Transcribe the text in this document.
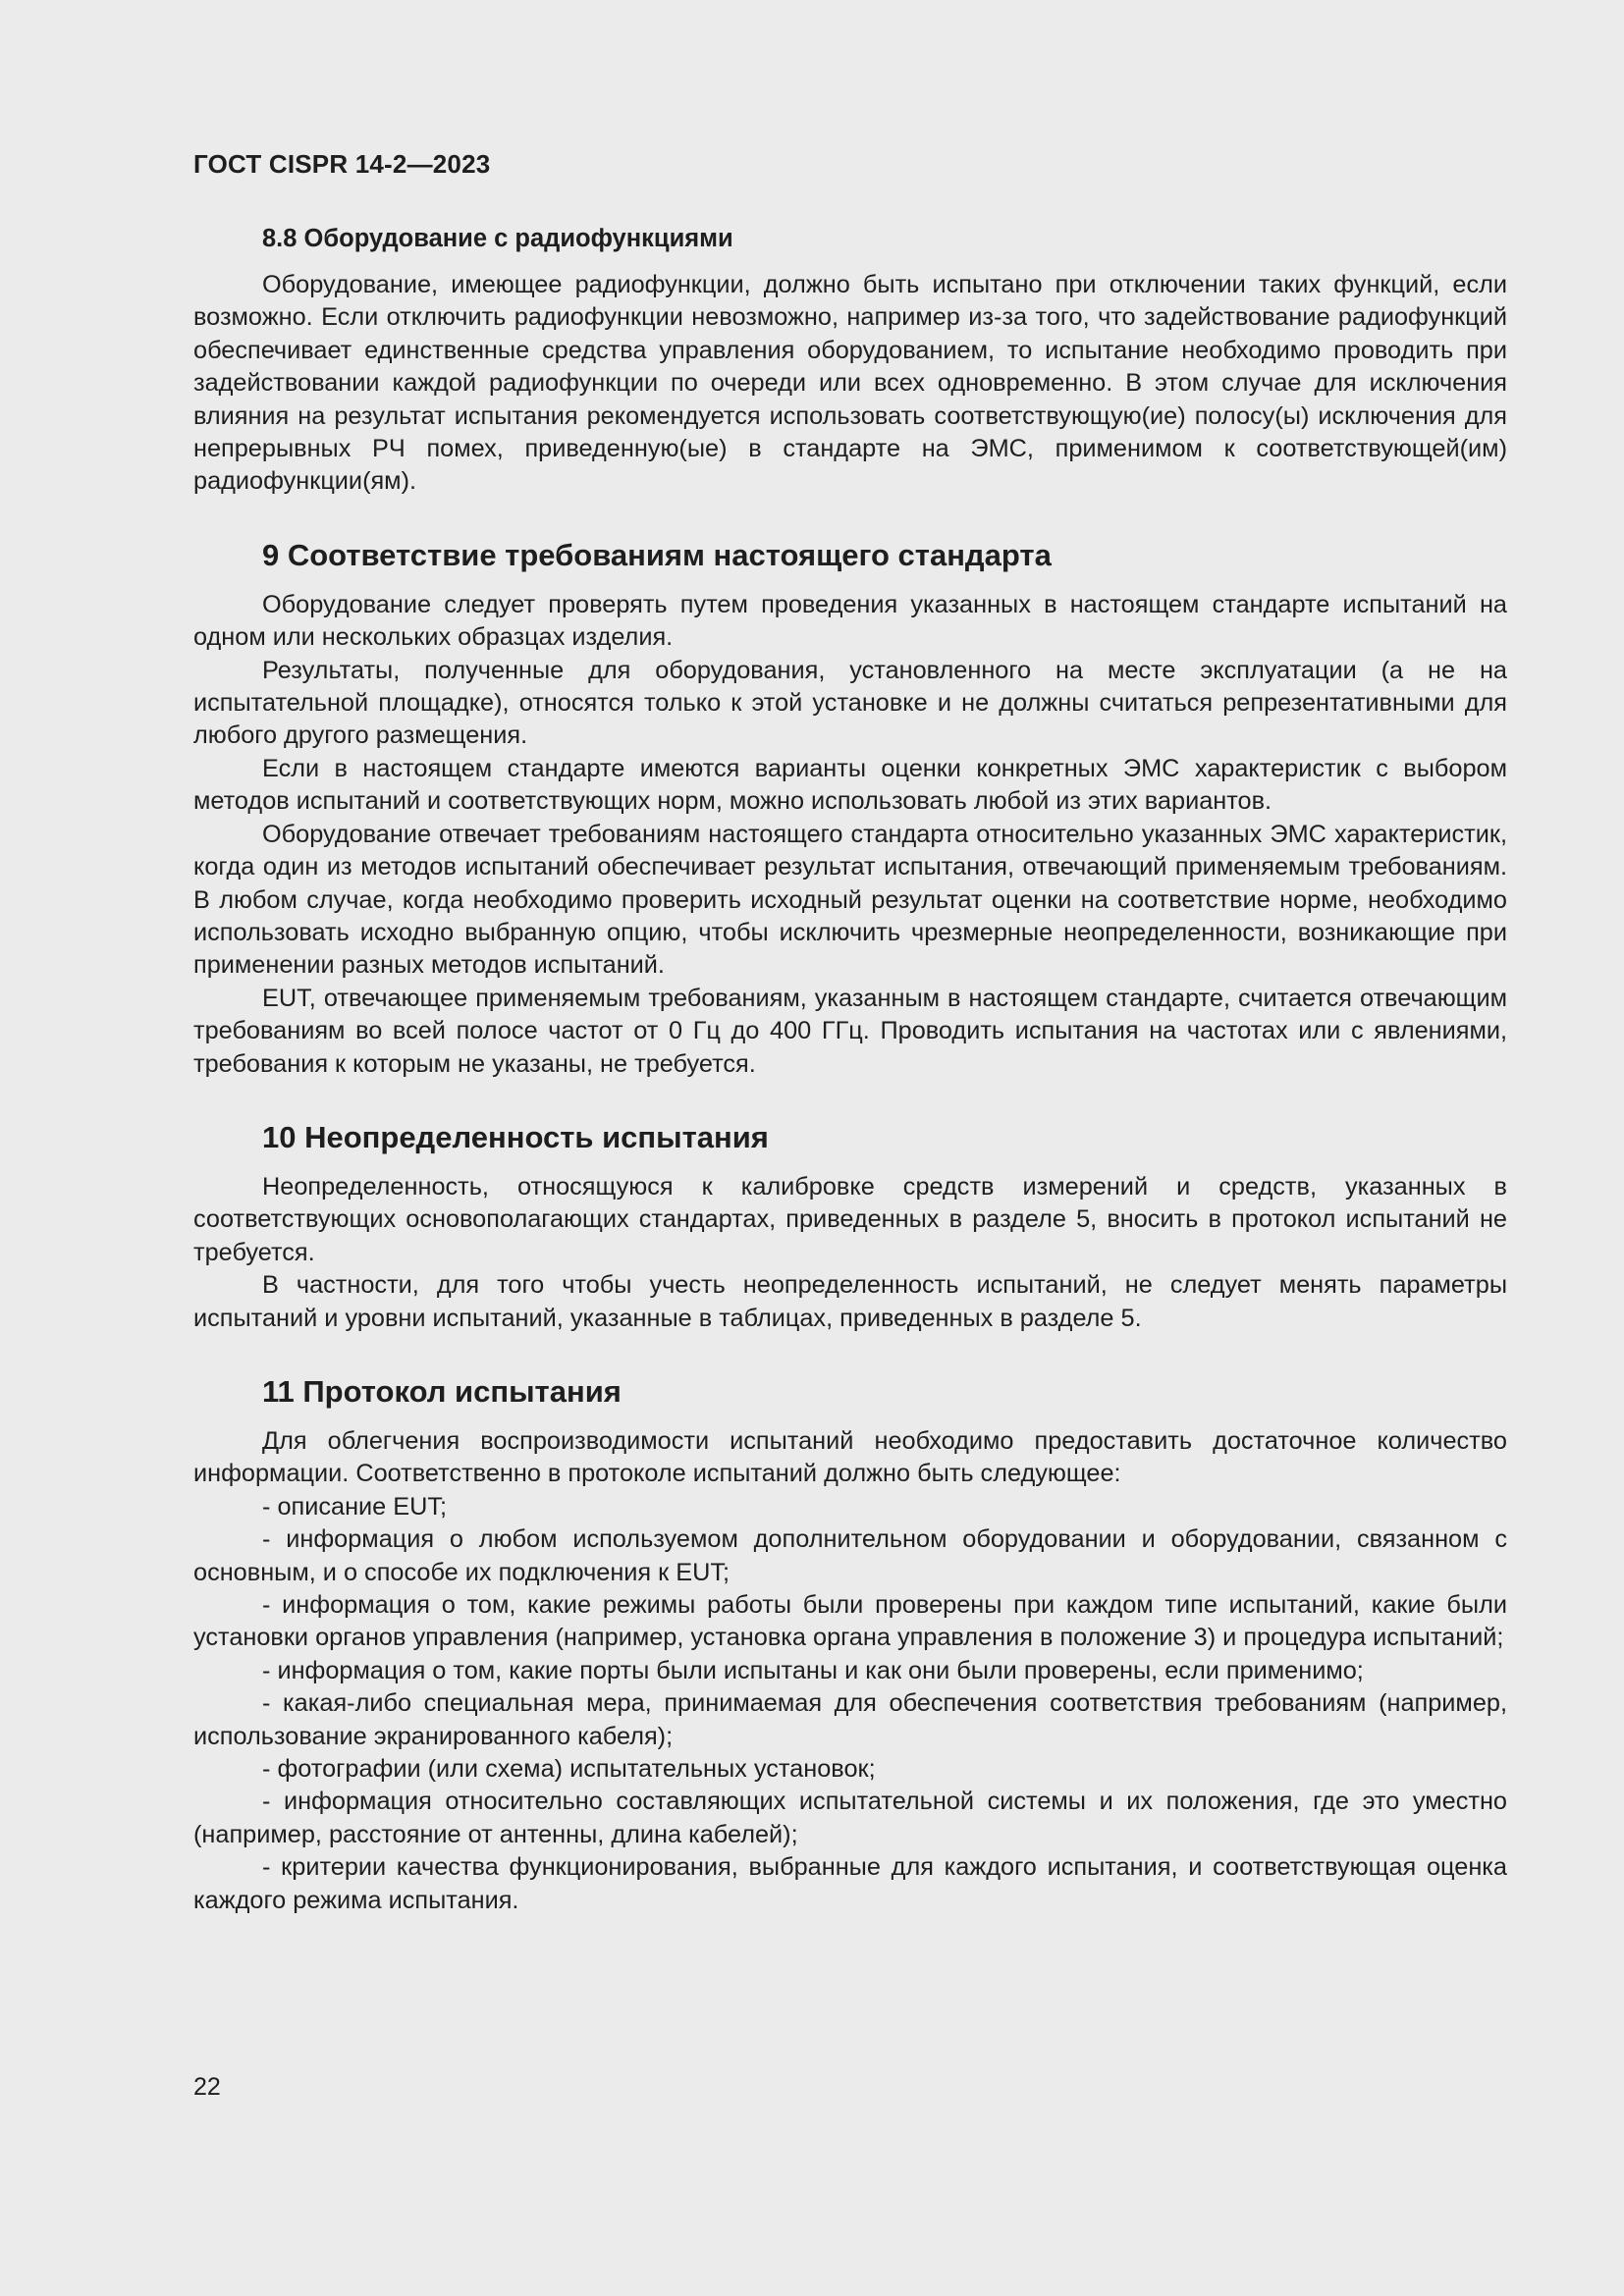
ГОСТ CISPR 14-2—2023
8.8 Оборудование с радиофункциями

Оборудование, имеющее радиофункции, должно быть испытано при отключении таких функций, если возможно. Если отключить радиофункции невозможно, например из-за того, что задействование радиофункций обеспечивает единственные средства управления оборудованием, то испытание необходимо проводить при задействовании каждой радиофункции по очереди или всех одновременно. В этом случае для исключения влияния на результат испытания рекомендуется использовать соответствующую(ие) полосу(ы) исключения для непрерывных РЧ помех, приведенную(ые) в стандарте на ЭМС, применимом к соответствующей(им) радиофункции(ям).

9 Соответствие требованиям настоящего стандарта

Оборудование следует проверять путем проведения указанных в настоящем стандарте испытаний на одном или нескольких образцах изделия.

Результаты, полученные для оборудования, установленного на месте эксплуатации (а не на испытательной площадке), относятся только к этой установке и не должны считаться репрезентативными для любого другого размещения.

Если в настоящем стандарте имеются варианты оценки конкретных ЭМС характеристик с выбором методов испытаний и соответствующих норм, можно использовать любой из этих вариантов.

Оборудование отвечает требованиям настоящего стандарта относительно указанных ЭМС характеристик, когда один из методов испытаний обеспечивает результат испытания, отвечающий применяемым требованиям. В любом случае, когда необходимо проверить исходный результат оценки на соответствие норме, необходимо использовать исходно выбранную опцию, чтобы исключить чрезмерные неопределенности, возникающие при применении разных методов испытаний.

EUT, отвечающее применяемым требованиям, указанным в настоящем стандарте, считается отвечающим требованиям во всей полосе частот от 0 Гц до 400 ГГц. Проводить испытания на частотах или с явлениями, требования к которым не указаны, не требуется.

10 Неопределенность испытания

Неопределенность, относящуюся к калибровке средств измерений и средств, указанных в соответствующих основополагающих стандартах, приведенных в разделе 5, вносить в протокол испытаний не требуется.

В частности, для того чтобы учесть неопределенность испытаний, не следует менять параметры испытаний и уровни испытаний, указанные в таблицах, приведенных в разделе 5.

11 Протокол испытания

Для облегчения воспроизводимости испытаний необходимо предоставить достаточное количество информации. Соответственно в протоколе испытаний должно быть следующее:

- описание EUT;

- информация о любом используемом дополнительном оборудовании и оборудовании, связанном с основным, и о способе их подключения к EUT;

- информация о том, какие режимы работы были проверены при каждом типе испытаний, какие были установки органов управления (например, установка органа управления в положение 3) и процедура испытаний;

- информация о том, какие порты были испытаны и как они были проверены, если применимо;

- какая-либо специальная мера, принимаемая для обеспечения соответствия требованиям (например, использование экранированного кабеля);

- фотографии (или схема) испытательных установок;

- информация относительно составляющих испытательной системы и их положения, где это уместно (например, расстояние от антенны, длина кабелей);

- критерии качества функционирования, выбранные для каждого испытания, и соответствующая оценка каждого режима испытания.

22
